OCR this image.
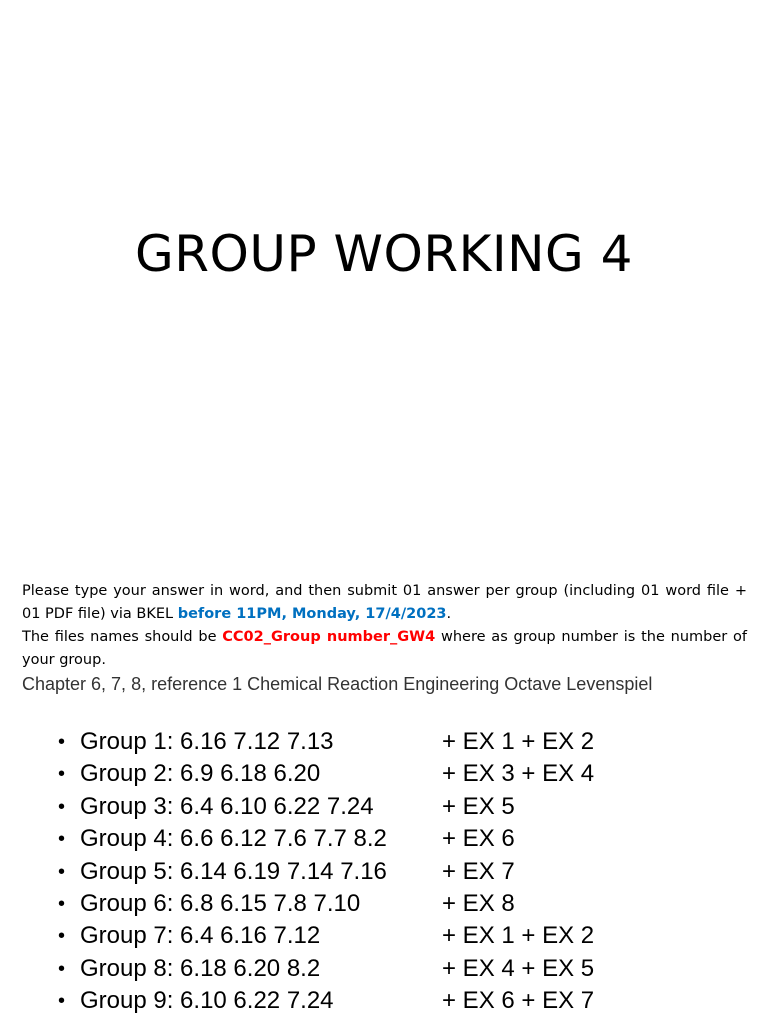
GROUP WORKING 4

Please type your answer in word, and then submit 01 answer per group (including 01 word file + 01 PDF file) via BKEL before 11PM, Monday, 17/4/2023.

The files names should be CC02_Group number_GW4 where as group number is the number of your group.

Chapter 6, 7, 8, reference 1 Chemical Reaction Engineering Octave Levenspiel
• Group 1: 6.16 7.12 7.13	+ EX 1 + EX 2
• Group 2: 6.9 6.18 6.20	+ EX 3 + EX 4
• Group 3: 6.4 6.10 6.22 7.24	+ EX 5
• Group 4: 6.6 6.12 7.6 7.7 8.2 + EX 6
• Group 5: 6.14 6.19 7.14 7.16 + EX 7
• Group 6: 6.8 6.15 7.8 7.10	+ EX 8
• Group 7: 6.4 6.16 7.12	+ EX 1 + EX 2
• Group 8: 6.18 6.20 8.2	+ EX 4 + EX 5
• Group 9: 6.10 6.22 7.24	+ EX 6 + EX 7
